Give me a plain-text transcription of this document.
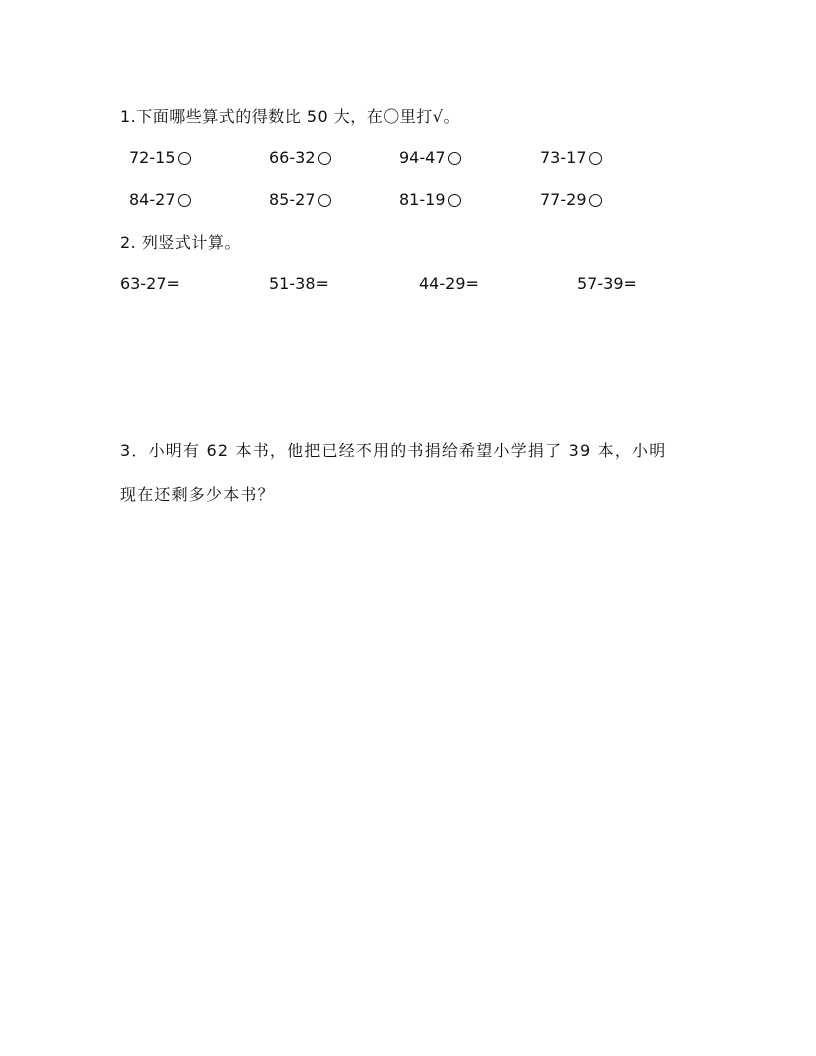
1.下面哪些算式的得数比 50 大，在〇里打√。
72-15	66-32	94-47	73-17
84-27	85-27	81-19	77-29
2. 列竖式计算。
63-27=	51-38=	44-29=	57-39=
3．小明有 62 本书，他把已经不用的书捐给希望小学捐了 39 本，小明
现在还剩多少本书？
